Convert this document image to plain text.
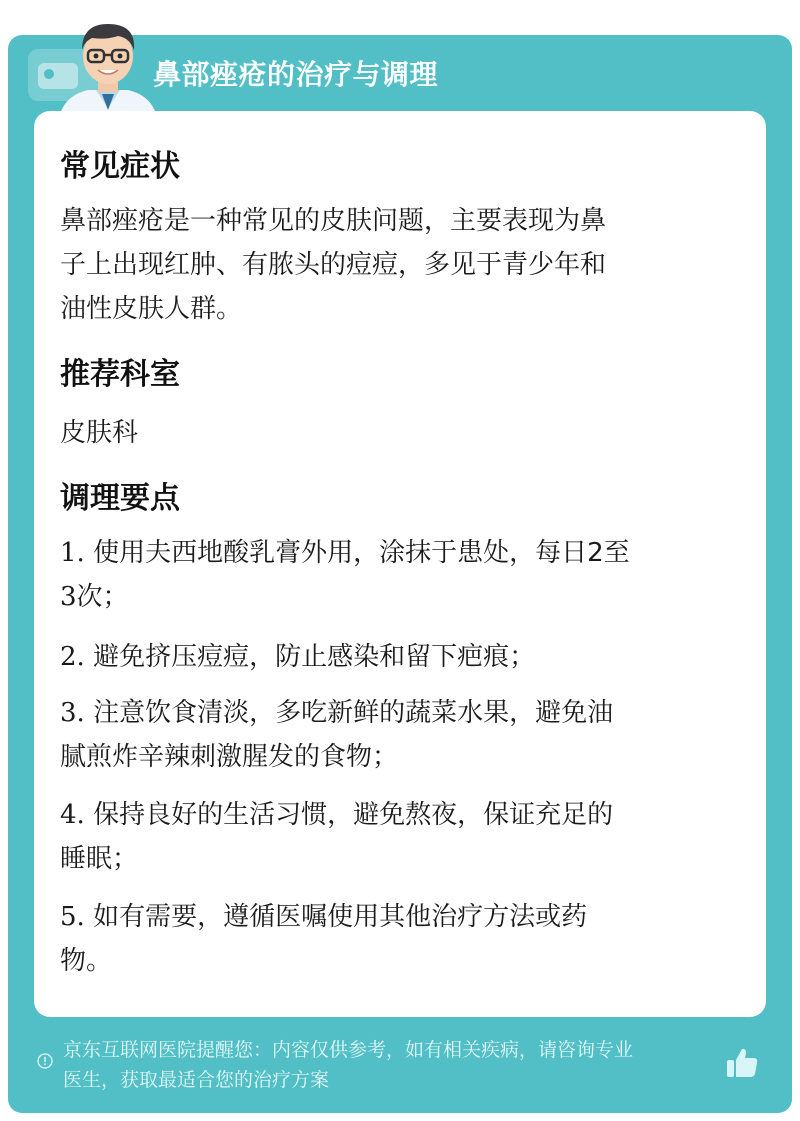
鼻部痤疮的治疗与调理
常见症状
鼻部痤疮是一种常见的皮肤问题，主要表现为鼻
子上出现红肿、有脓头的痘痘，多见于青少年和
油性皮肤人群。
推荐科室
皮肤科
调理要点
1. 使用夫西地酸乳膏外用，涂抹于患处，每日2至
3次；
2. 避免挤压痘痘，防止感染和留下疤痕；
3. 注意饮食清淡，多吃新鲜的蔬菜水果，避免油
腻煎炸辛辣刺激腥发的食物；
4. 保持良好的生活习惯，避免熬夜，保证充足的
睡眠；
5. 如有需要，遵循医嘱使用其他治疗方法或药
物。
京东互联网医院提醒您：内容仅供参考，如有相关疾病，请咨询专业
医生，获取最适合您的治疗方案
